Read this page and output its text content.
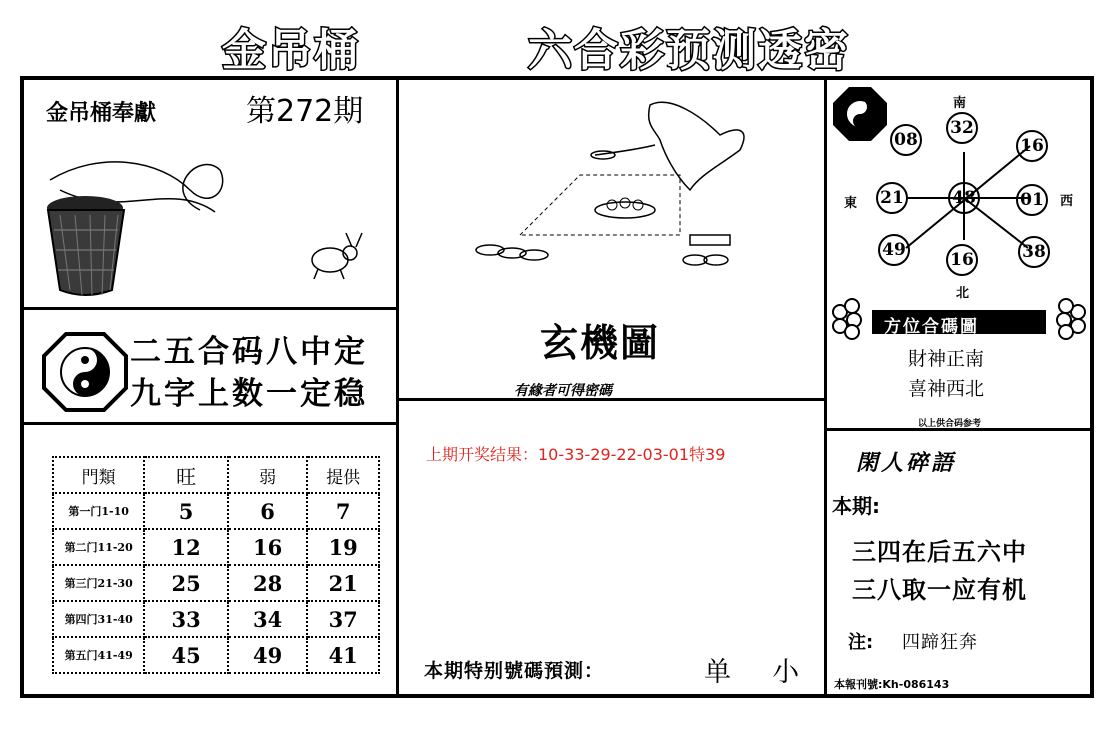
金吊桶	六合彩预测透密
金吊桶奉獻	第272期
二五合码八中定
九字上数一定稳
門類	旺	弱	提供
第一门1-10	5	6	7
第二门11-20	12	16	19
第三门21-30	25	28	21
第四门31-40	33	34	37
第五门41-49	45	49	41
玄機圖
有緣者可得密碼
上期开奖结果：10-33-29-22-03-01特39
本期特别號碼預測：	单  小
南
北
東	西
08
32
16
21	48	01
49	16	38
方位合碼圖
財神正南
喜神西北
以上供合码参考
閑人碎語
本期:
三四在后五六中
三八取一应有机
注: 四蹄狂奔
本報刊號:Kh-086143
